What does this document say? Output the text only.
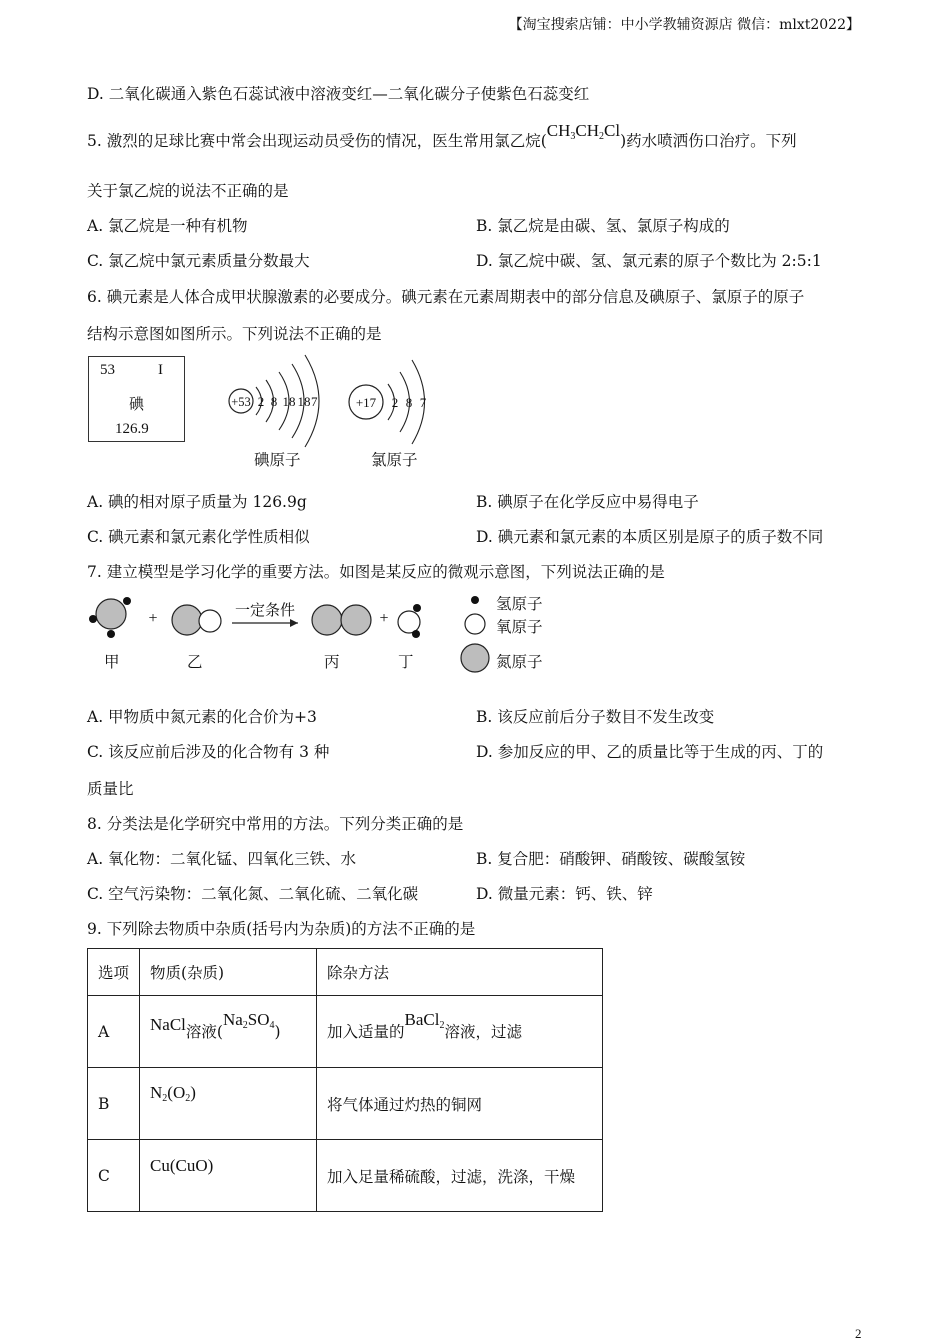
【淘宝搜索店铺：中小学教辅资源店 微信：mlxt2022】
D. 二氧化碳通入紫色石蕊试液中溶液变红—二氧化碳分子使紫色石蕊变红
5. 激烈的足球比赛中常会出现运动员受伤的情况，医生常用氯乙烷$(CH_3CH_2Cl)$药水喷洒伤口治疗。下列
关于氯乙烷的说法不正确的是
A. 氯乙烷是一种有机物	B. 氯乙烷是由碳、氢、氯原子构成的
C. 氯乙烷中氯元素质量分数最大	D. 氯乙烷中碳、氢、氯元素的原子个数比为 2:5:1
6. 碘元素是人体合成甲状腺激素的必要成分。碘元素在元素周期表中的部分信息及碘原子、氯原子的原子
结构示意图如图所示。下列说法不正确的是
53	I
碘
126.9
+53 2 8 18 18 7	+17 2 8 7
碘原子	氯原子
A. 碘的相对原子质量为 126.9g	B. 碘原子在化学反应中易得电子
C. 碘元素和氯元素化学性质相似	D. 碘元素和氯元素的本质区别是原子的质子数不同
7. 建立模型是学习化学的重要方法。如图是某反应的微观示意图，下列说法正确的是
+	+
一定条件
甲	乙	丙	丁
氢原子
氧原子
氮原子
A. 甲物质中氮元素的化合价为+3	B. 该反应前后分子数目不发生改变
C. 该反应前后涉及的化合物有 3 种	D. 参加反应的甲、乙的质量比等于生成的丙、丁的
质量比
8. 分类法是化学研究中常用的方法。下列分类正确的是
A. 氧化物：二氧化锰、四氧化三铁、水	B. 复合肥：硝酸钾、硝酸铵、碳酸氢铵
C. 空气污染物：二氧化氮、二氧化硫、二氧化碳	D. 微量元素：钙、铁、锌
9. 下列除去物质中杂质(括号内为杂质)的方法不正确的是
选项	物质(杂质)	除杂方法
A	NaCl溶液$(Na_2SO_4)$	加入适量的BaCl$_2$溶液，过滤
B	$N_2(O_2)$	将气体通过灼热的铜网
C	Cu(CuO)	加入足量稀硫酸，过滤，洗涤，干燥
2
